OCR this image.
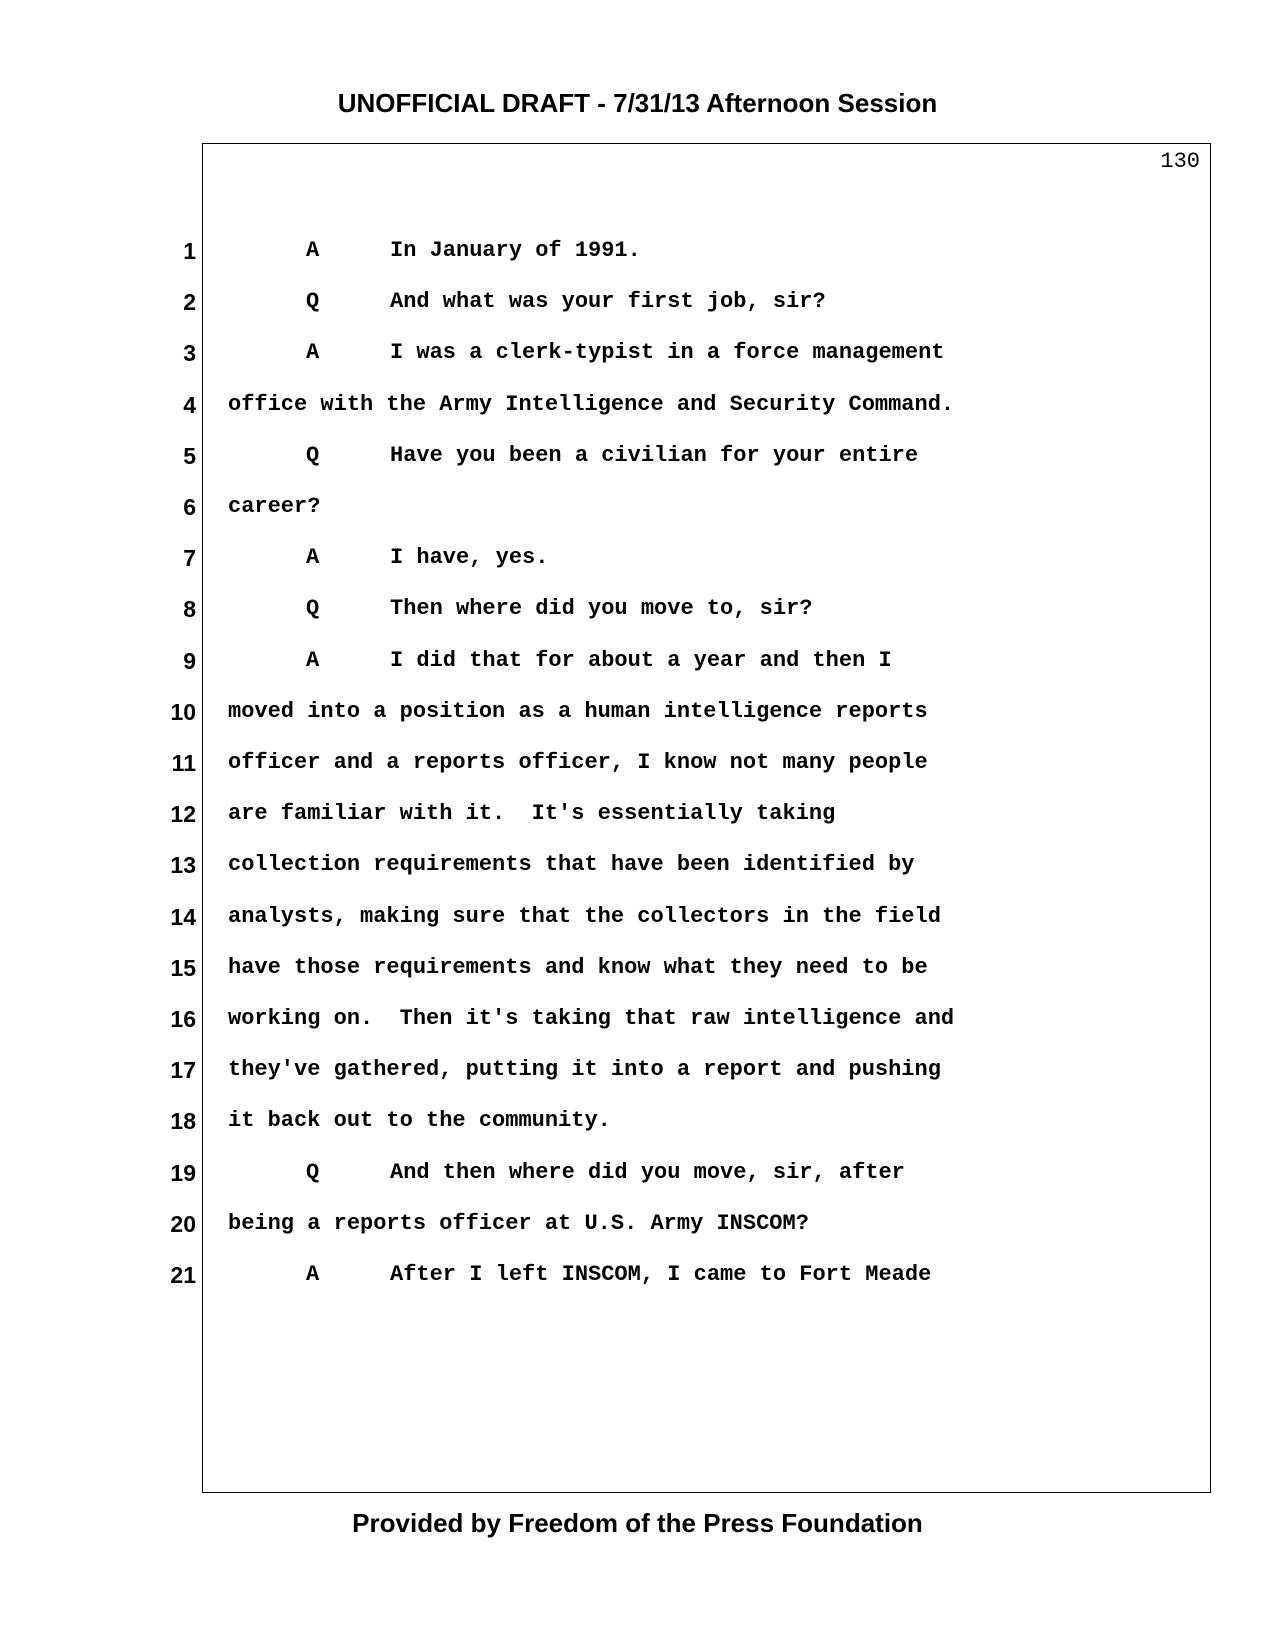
UNOFFICIAL DRAFT - 7/31/13 Afternoon Session
130
1	A	In January of 1991.
2	Q	And what was your first job, sir?
3	A	I was a clerk-typist in a force management
4 office with the Army Intelligence and Security Command.
5	Q	Have you been a civilian for your entire
6 career?
7	A	I have, yes.
8	Q	Then where did you move to, sir?
9	A	I did that for about a year and then I
10 moved into a position as a human intelligence reports
11 officer and a reports officer, I know not many people
12 are familiar with it.  It's essentially taking
13 collection requirements that have been identified by
14 analysts, making sure that the collectors in the field
15 have those requirements and know what they need to be
16 working on.  Then it's taking that raw intelligence and
17 they've gathered, putting it into a report and pushing
18 it back out to the community.
19	Q	And then where did you move, sir, after
20 being a reports officer at U.S. Army INSCOM?
21	A	After I left INSCOM, I came to Fort Meade
Provided by Freedom of the Press Foundation
